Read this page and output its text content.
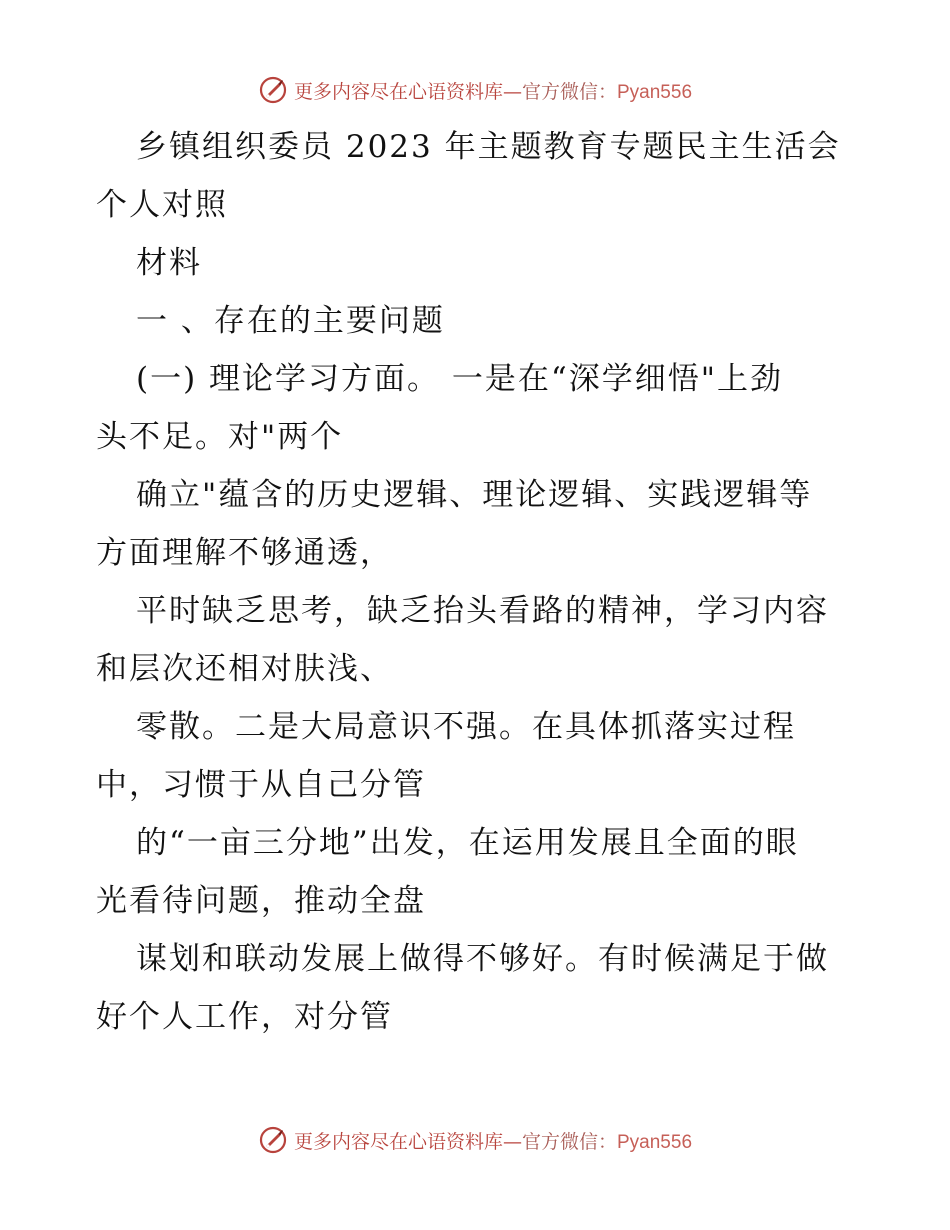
更多内容尽在心语资料库—官方微信：Pyan556
乡镇组织委员 2023 年主题教育专题民主生活会
个人对照
材料
一 、存在的主要问题
(一) 理论学习方面。 一是在“深学细悟"上劲
头不足。对"两个
确立"蕴含的历史逻辑、理论逻辑、实践逻辑等
方面理解不够通透，
平时缺乏思考，缺乏抬头看路的精神，学习内容
和层次还相对肤浅、
零散。二是大局意识不强。在具体抓落实过程
中，习惯于从自己分管
的“一亩三分地”出发，在运用发展且全面的眼
光看待问题，推动全盘
谋划和联动发展上做得不够好。有时候满足于做
好个人工作，对分管
更多内容尽在心语资料库—官方微信：Pyan556
